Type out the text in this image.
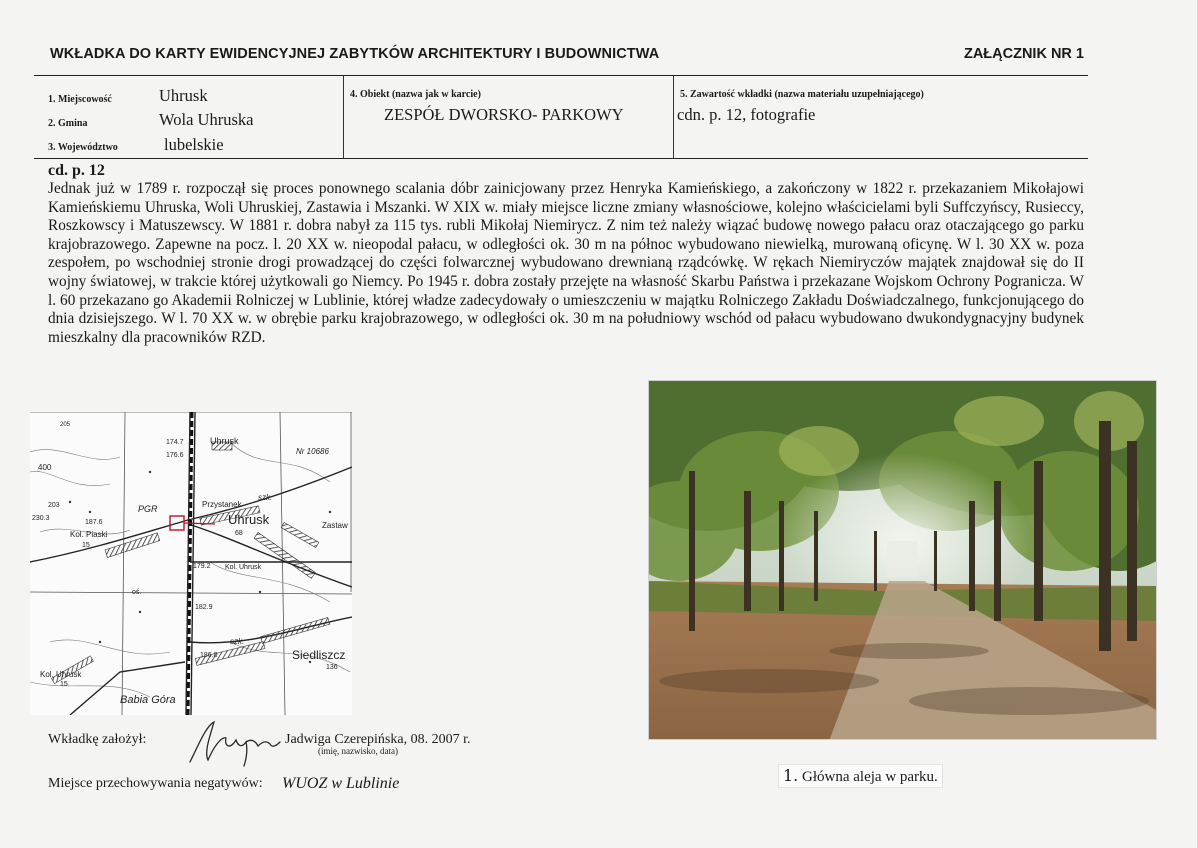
WKŁADKA DO KARTY EWIDENCYJNEJ ZABYTKÓW ARCHITEKTURY I BUDOWNICTWA	ZAŁĄCZNIK NR 1
1. Miejscowość	Uhrusk
2. Gmina	Wola Uhruska
3. Województwo	lubelskie
4. Obiekt (nazwa jak w karcie)
ZESPÓŁ DWORSKO- PARKOWY
5. Zawartość wkładki (nazwa materiału uzupełniającego)
cdn. p. 12, fotografie
cd. p. 12

Jednak już w 1789 r. rozpoczął się proces ponownego scalania dóbr zainicjowany przez Henryka Kamieńskiego, a zakończony w 1822 r. przekazaniem Mikołajowi Kamieńskiemu Uhruska, Woli Uhruskiej, Zastawia i Mszanki. W XIX w. miały miejsce liczne zmiany własnościowe, kolejno właścicielami byli Suffczyńscy, Rusieccy, Roszkowscy i Matuszewscy. W 1881 r. dobra nabył za 115 tys. rubli Mikołaj Niemirycz. Z nim też należy wiązać budowę nowego pałacu oraz otaczającego go parku krajobrazowego. Zapewne na pocz. l. 20 XX w. nieopodal pałacu, w odległości ok. 30 m na północ wybudowano niewielką, murowaną oficynę. W l. 30 XX w. poza zespołem, po wschodniej stronie drogi prowadzącej do części folwarcznej wybudowano drewnianą rządcówkę. W rękach Niemiryczów majątek znajdował się do II wojny światowej, w trakcie której użytkowali go Niemcy. Po 1945 r. dobra zostały przejęte na własność Skarbu Państwa i przekazane Wojskom Ochrony Pogranicza. W l. 60 przekazano go Akademii Rolniczej w Lublinie, której władze zadecydowały o umieszczeniu w majątku Rolniczego Zakładu Doświadczalnego, funkcjonującego do dnia dzisiejszego. W l. 70 XX w. w obrębie parku krajobrazowego, w odległości ok. 30 m na południowy wschód od pałacu wybudowano dwukondygnacyjny budynek mieszkalny dla pracowników RZD.

Uhrusk
Uhrusk
Przystanek
szk.
PGR
Kol. Piaski
15
Zastaw
Kol. Uhrusk
Siedliszcz
136
Kol. Uhrusk
15
Babia Góra
szk.
400
203
230.3
187.6
174.7
176.6
179.2
182.9
186.0
68
Nr 10686
205
oś.
Wkładkę założył:	Jadwiga Czerepińska, 08. 2007 r.
(imię, nazwisko, data)
Miejsce przechowywania negatywów: WUOZ w Lublinie	1. Główna aleja w parku.
